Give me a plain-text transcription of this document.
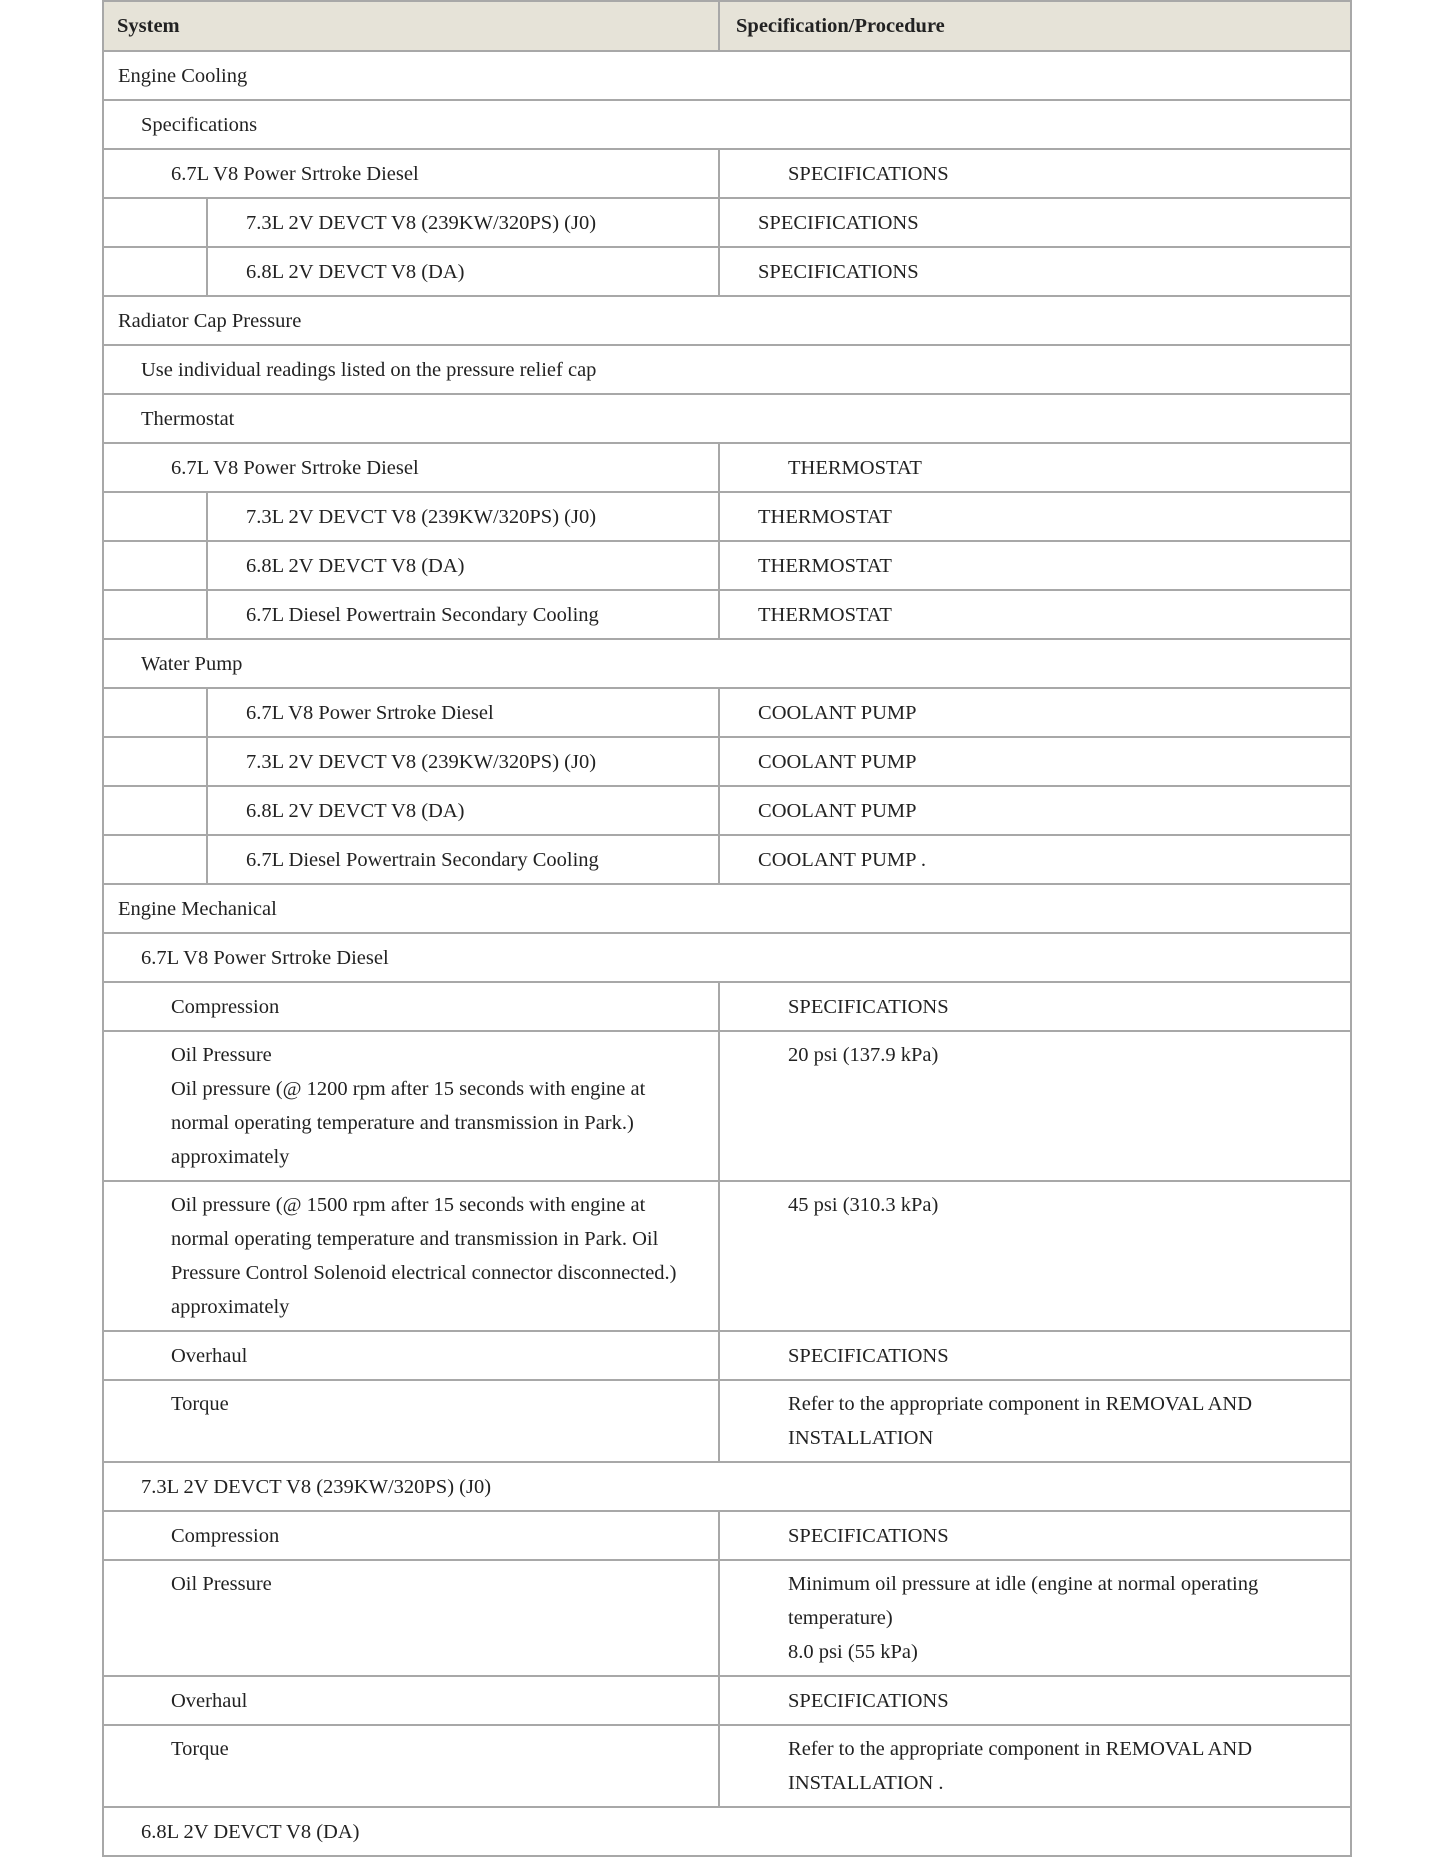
System		Specification/Procedure
Engine Cooling		
Specifications		
6.7L V8 Power Srtroke Diesel		SPECIFICATIONS
	7.3L 2V DEVCT V8 (239KW/320PS) (J0)	SPECIFICATIONS
	6.8L 2V DEVCT V8 (DA)	SPECIFICATIONS
Radiator Cap Pressure		
Use individual readings listed on the pressure relief cap		
Thermostat		
6.7L V8 Power Srtroke Diesel		THERMOSTAT
	7.3L 2V DEVCT V8 (239KW/320PS) (J0)	THERMOSTAT
	6.8L 2V DEVCT V8 (DA)	THERMOSTAT
	6.7L Diesel Powertrain Secondary Cooling	THERMOSTAT
Water Pump		
	6.7L V8 Power Srtroke Diesel	COOLANT PUMP
	7.3L 2V DEVCT V8 (239KW/320PS) (J0)	COOLANT PUMP
	6.8L 2V DEVCT V8 (DA)	COOLANT PUMP
	6.7L Diesel Powertrain Secondary Cooling	COOLANT PUMP .
Engine Mechanical		
6.7L V8 Power Srtroke Diesel		
Compression		SPECIFICATIONS

Oil Pressure
Oil pressure (@ 1200 rpm after 15 seconds with engine at
normal operating temperature and transmission in Park.)
approximately		20 psi (137.9 kPa)

Oil pressure (@ 1500 rpm after 15 seconds with engine at
normal operating temperature and transmission in Park. Oil
Pressure Control Solenoid electrical connector disconnected.)
approximately		45 psi (310.3 kPa)
Overhaul		SPECIFICATIONS
Torque		Refer to the appropriate component in REMOVAL AND
INSTALLATION

7.3L 2V DEVCT V8 (239KW/320PS) (J0)		
Compression		SPECIFICATIONS
Oil Pressure		Minimum oil pressure at idle (engine at normal operating
temperature)
8.0 psi (55 kPa)

Overhaul		SPECIFICATIONS
Torque		Refer to the appropriate component in REMOVAL AND
INSTALLATION .

6.8L 2V DEVCT V8 (DA)		
